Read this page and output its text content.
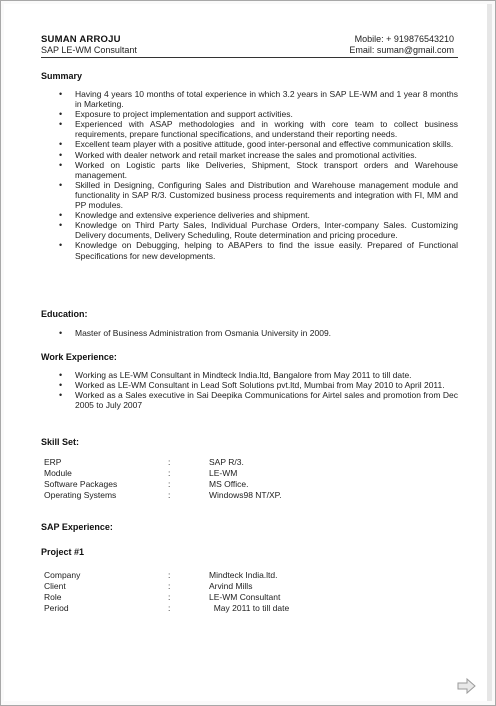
SUMAN ARROJU
SAP LE-WM Consultant
Mobile: + 919876543210
Email: suman@gmail.com
Summary
• Having 4 years 10 months of total experience in which 3.2 years in SAP LE-WM and 1 year 8 months in Marketing.
• Exposure to project implementation and support activities.
• Experienced with ASAP methodologies and in working with core team to collect business requirements, prepare functional specifications, and understand their reporting needs.
• Excellent team player with a positive attitude, good inter-personal and effective communication skills.
• Worked with dealer network and retail market increase the sales and promotional activities.
• Worked on Logistic parts like Deliveries, Shipment, Stock transport orders and Warehouse management.
• Skilled in Designing, Configuring Sales and Distribution and Warehouse management module and functionality in SAP R/3. Customized business process requirements and integration with FI, MM and PP modules.
• Knowledge and extensive experience deliveries and shipment.
• Knowledge on Third Party Sales, Individual Purchase Orders, Inter-company Sales. Customizing Delivery documents, Delivery Scheduling, Route determination and pricing procedure.
• Knowledge on Debugging, helping to ABAPers to find the issue easily. Prepared of Functional Specifications for new developments.
Education:
• Master of Business Administration from Osmania University in 2009.
Work Experience:
• Working as LE-WM Consultant in Mindteck India.ltd, Bangalore from May 2011 to till date.
• Worked as LE-WM Consultant in Lead Soft Solutions pvt.ltd, Mumbai from May 2010 to April 2011.
• Worked as a Sales executive in Sai Deepika Communications for Airtel sales and promotion from Dec 2005 to July 2007
Skill Set:
ERP	:	SAP R/3.
Module	:	LE-WM
Software Packages	:	MS Office.
Operating Systems	:	Windows98 NT/XP.
SAP Experience:
Project #1
Company	:	Mindteck India.ltd.
Client	:	Arvind Mills
Role	:	LE-WM Consultant
Period	:	May 2011 to till date
